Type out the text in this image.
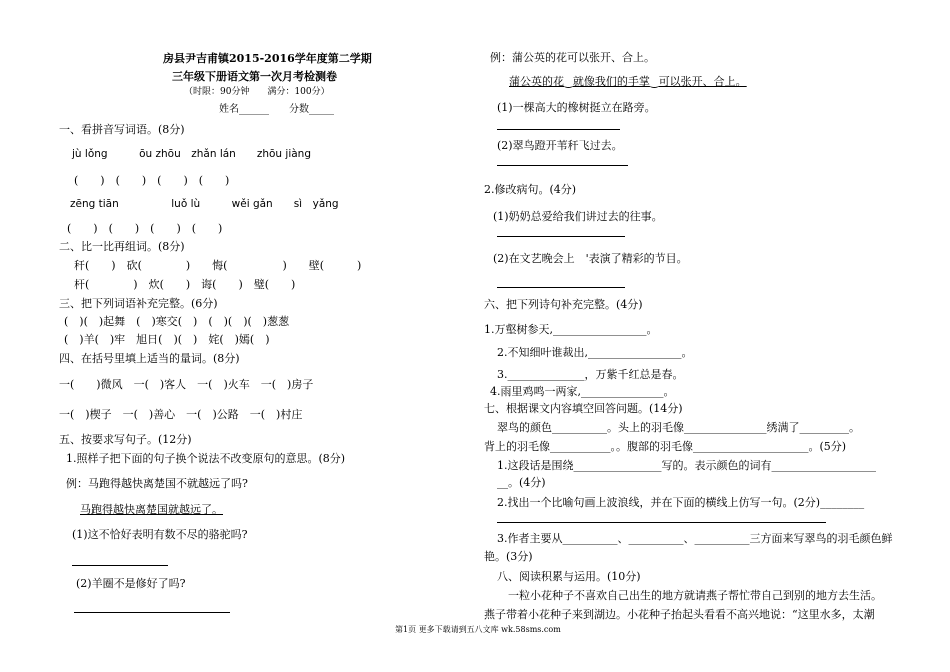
房县尹吉甫镇2015-2016学年度第二学期
三年级下册语文第一次月考检测卷
（时限：90分钟　　满分：100分）
姓名______　　分数_____
一、看拼音写词语。(8分)
jù lǒng　　　ōu zhōu　zhǎn lán　　zhōu jiàng
(　　)　(　　)　(　　)　(　　)
zēng tiān　　　　　luǒ lù　　　wěi gǎn　　sì　yǎng
(　　)　(　　)　(　　)　(　　)
二、比一比再组词。(8分)
秆(　　)　砍(　　　　)　　悔(　　　　　)　　壁(　　　)
杆(　　　　)　炊(　　)　诲(　　)　璧(　　)
三、把下列词语补充完整。(6分)
(　)(　)起舞　(　)寒交(　)　(　)(　)(　)葱葱
(　)羊(　)牢　旭日(　)(　)　姹(　)嫣(　)
四、在括号里填上适当的量词。(8分)
一(　　)微风　一(　)客人　一(　)火车　一(　)房子
一(　)楔子　一(　)善心　一(　)公路　一(　)村庄
五、按要求写句子。(12分)
1.照样子把下面的句子换个说法不改变原句的意思。(8分)
例：马跑得越快离楚国不就越远了吗?
马跑得越快离楚国就越远了。
(1)这不恰好表明有数不尽的骆驼吗?
(2)羊圈不是修好了吗?
例：蒲公英的花可以张开、合上。
蒲公英的花‿就像我们的手掌‿可以张开、合上。
(1)一棵高大的橡树挺立在路旁。
(2)翠鸟蹬开苇秆飞过去。
2.修改病句。(4分)
(1)奶奶总爱给我们讲过去的往事。
(2)在文艺晚会上　'表演了精彩的节目。
六、把下列诗句补充完整。(4分)
1.万壑树参天,_________________。
2.不知细叶谁裁出,_________________。
3.______________，万紫千红总是春。
4.雨里鸡鸣一两家,_______________。
七、根据课文内容填空回答问题。(14分)
翠鸟的颜色__________。头上的羽毛像_______________绣满了_________。
背上的羽毛像___________。。腹部的羽毛像_____________________。(5分)
1.这段话是围绕________________写的。表示颜色的词有___________________
__。(4分)
2.找出一个比喻句画上波浪线，并在下面的横线上仿写一句。(2分)________
3.作者主要从__________、__________、__________三方面来写翠鸟的羽毛颜色鲜
艳。(3分)
八、阅读积累与运用。(10分)
一粒小花种子不喜欢自己出生的地方就请燕子帮忙带自己到别的地方去生活。
燕子带着小花种子来到湖边。小花种子抬起头看看不高兴地说：“这里水多，太潮
第1页 更多下载请到五八文库 wk.58sms.com
